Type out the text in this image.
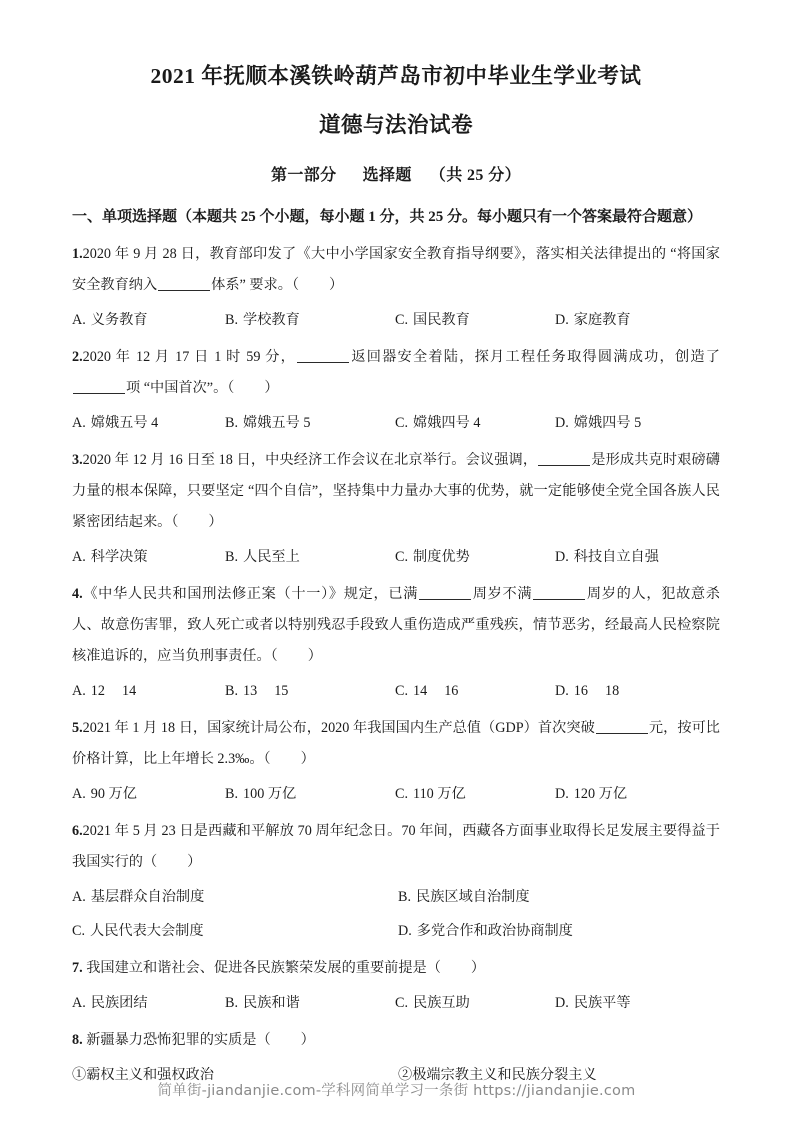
2021 年抚顺本溪铁岭葫芦岛市初中毕业生学业考试
道德与法治试卷

第一部分 选择题 （共 25 分）

一、单项选择题（本题共 25 个小题，每小题 1 分，共 25 分。每小题只有一个答案最符合题意）

1.2020 年 9 月 28 日，教育部印发了《大中小学国家安全教育指导纲要》，落实相关法律提出的 “将国家安全教育纳入	体系” 要求。（ ）

A. 义务教育	B. 学校教育	C. 国民教育	D. 家庭教育

2.2020 年 12 月 17 日 1 时 59 分，	返回器安全着陆，探月工程任务取得圆满成功，创造了项 “中国首次”。（ ）

A. 嫦娥五号 4	B. 嫦娥五号 5	C. 嫦娥四号 4	D. 嫦娥四号 5

3.2020 年 12 月 16 日至 18 日，中央经济工作会议在北京举行。会议强调，	是形成共克时艰磅礴力量的根本保障，只要坚定 “四个自信”，坚持集中力量办大事的优势，就一定能够使全党全国各族人民紧密团结起来。（ ）

A. 科学决策	B. 人民至上	C. 制度优势	D. 科技自立自强

4.《中华人民共和国刑法修正案（十一）》规定，已满	周岁不满	周岁的人，犯故意杀人、故意伤害罪，致人死亡或者以特别残忍手段致人重伤造成严重残疾，情节恶劣，经最高人民检察院核准追诉的，应当负刑事责任。（ ）

A. 12 14	B. 13 15	C. 14 16	D. 16 18

5.2021 年 1 月 18 日，国家统计局公布，2020 年我国国内生产总值（GDP）首次突破	元，按可比价格计算，比上年增长 2.3‰。（ ）

A. 90 万亿	B. 100 万亿	C. 110 万亿	D. 120 万亿

6.2021 年 5 月 23 日是西藏和平解放 70 周年纪念日。70 年间，西藏各方面事业取得长足发展主要得益于我国实行的（ ）

A. 基层群众自治制度	B. 民族区域自治制度
C. 人民代表大会制度	D. 多党合作和政治协商制度

7. 我国建立和谐社会、促进各民族繁荣发展的重要前提是（ ）

A. 民族团结	B. 民族和谐	C. 民族互助	D. 民族平等

8. 新疆暴力恐怖犯罪的实质是（ ）

①霸权主义和强权政治	②极端宗教主义和民族分裂主义
简单街-jiandanjie.com-学科网简单学习一条街 https://jiandanjie.com
